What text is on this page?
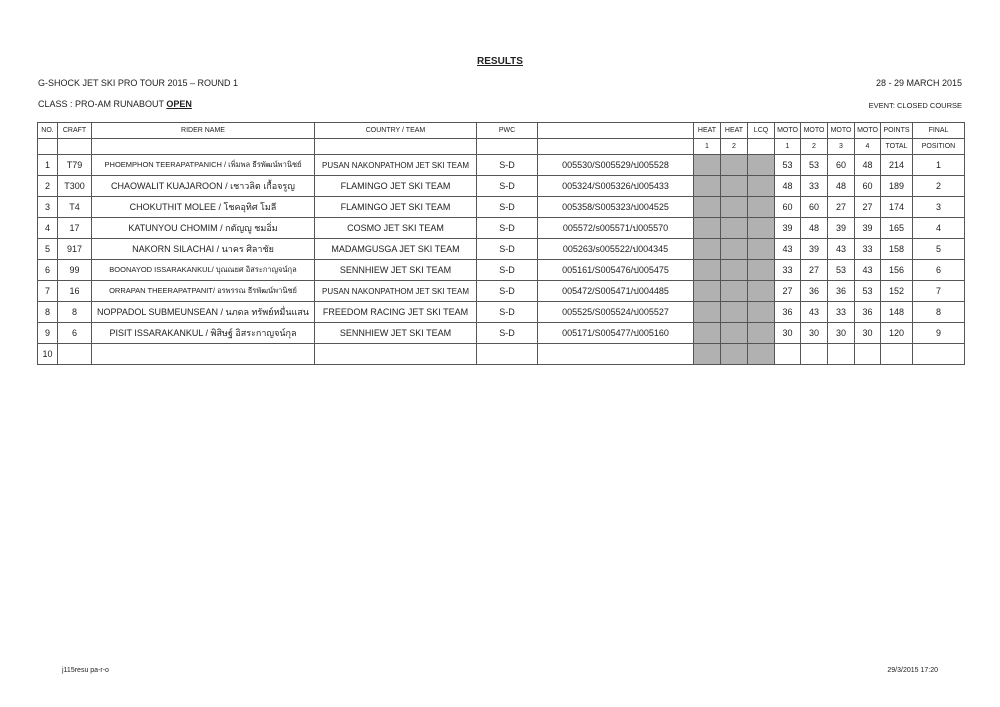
RESULTS
G-SHOCK JET SKI PRO TOUR 2015 – ROUND 1	28 - 29 MARCH 2015
CLASS : PRO-AM RUNABOUT OPEN	EVENT: CLOSED COURSE
NO.	CRAFT	RIDER NAME	COUNTRY / TEAM	PWC		HEAT	HEAT	LCQ	MOTO	MOTO	MOTO	MOTO	POINTS	FINAL
						1	2		1	2	3	4	TOTAL	POSITION
1	T79	PHOEMPHON TEERAPATPANICH / เพิ่มพล ธีรพัฒน์พานิชย์	PUSAN NAKONPATHOM JET SKI TEAM	S-D	005530/S005529/ป005528				53	53	60	48	214	1
2	T300	CHAOWALIT KUAJAROON / เชาวลิต เกื้อจรูญ	FLAMINGO JET SKI TEAM	S-D	005324/S005326/ป005433				48	33	48	60	189	2
3	T4	CHOKUTHIT MOLEE / โชคอุทิศ โมลี	FLAMINGO JET SKI TEAM	S-D	005358/S005323/ป004525				60	60	27	27	174	3
4	17	KATUNYOU CHOMIM / กตัญญู ชมอิ่ม	COSMO JET SKI TEAM	S-D	005572/s005571/ป005570				39	48	39	39	165	4
5	917	NAKORN SILACHAI / นาคร ศิลาชัย	MADAMGUSGA JET SKI TEAM	S-D	005263/s005522/ป004345				43	39	43	33	158	5
6	99	BOONAYOD ISSARAKANKUL/ บุณณยศ อิสระกาญจน์กุล	SENNHIEW JET SKI TEAM	S-D	005161/S005476/ป005475				33	27	53	43	156	6
7	16	ORRAPAN THEERAPATPANIT/ อรพรรณ ธีรพัฒน์พานิชย์	PUSAN NAKONPATHOM JET SKI TEAM	S-D	005472/S005471/ป004485				27	36	36	53	152	7
8	8	NOPPADOL SUBMEUNSEAN / นภดล ทรัพย์หมื่นแสน	FREEDOM RACING JET SKI TEAM	S-D	005525/S005524/ป005527				36	43	33	36	148	8
9	6	PISIT ISSARAKANKUL / พิสิษฐ์ อิสระกาญจน์กุล	SENNHIEW JET SKI TEAM	S-D	005171/S005477/ป005160				30	30	30	30	120	9
10														
j115resu pa-r-o	29/3/2015 17:20
